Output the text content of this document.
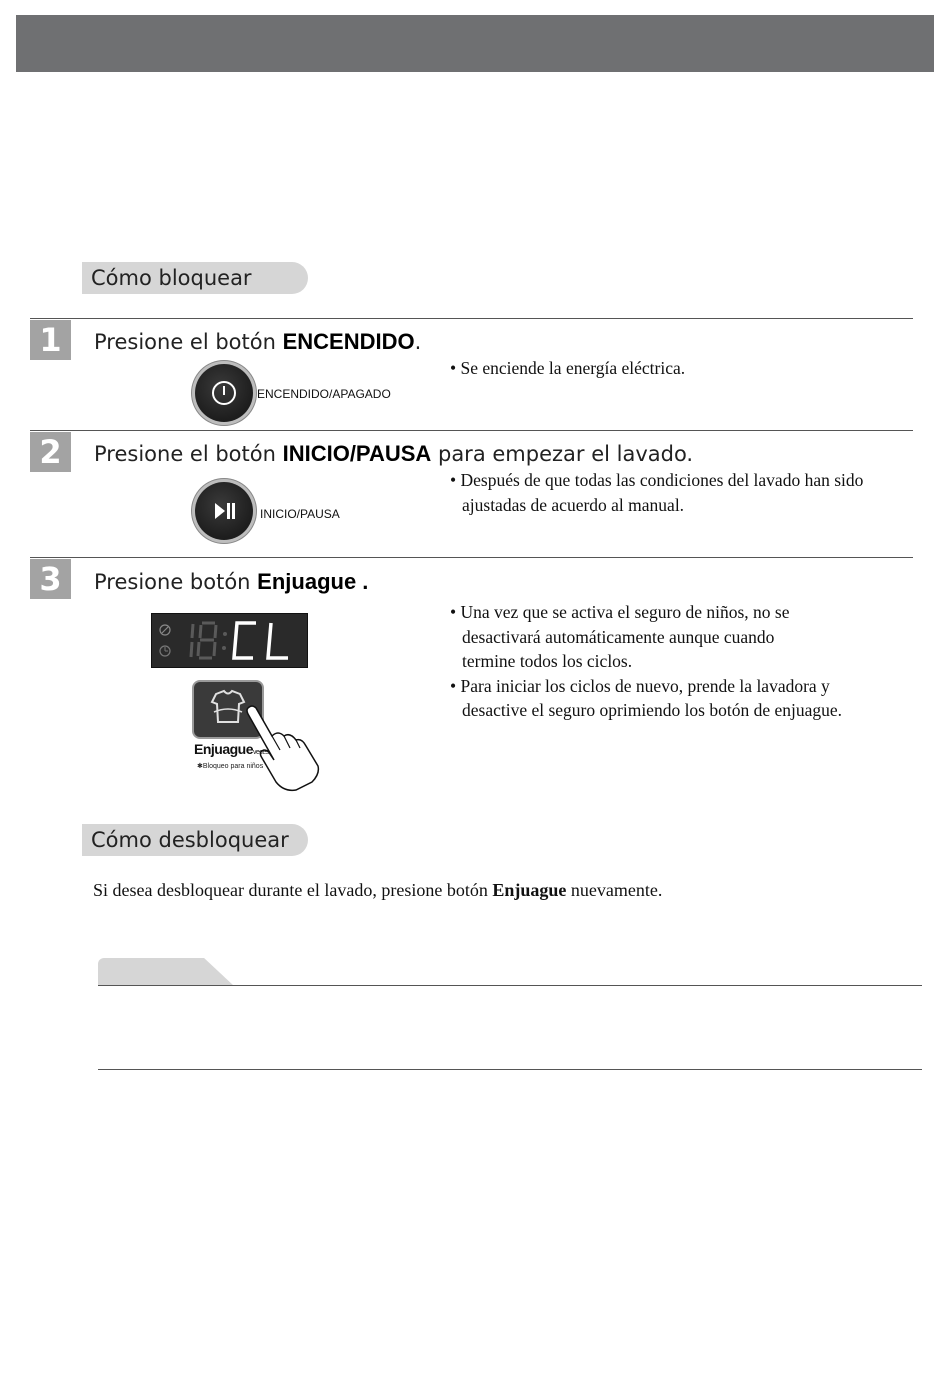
Cómo bloquear
1	Presione el botón ENCENDIDO.
ENCENDIDO/APAGADO
• Se enciende la energía eléctrica.
2	Presione el botón INICIO/PAUSA para empezar el lavado.
INICIO/PAUSA
• Después de que todas las condiciones del lavado han sido
ajustadas de acuerdo al manual.
3	Presione botón Enjuague .
Enjuagueveces
✱Bloqueo para niños
• Una vez que se activa el seguro de niños, no se
desactivará automáticamente aunque cuando
termine todos los ciclos.
• Para iniciar los ciclos de nuevo, prende la lavadora y
desactive el seguro oprimiendo los botón de enjuague.
Cómo desbloquear
Si desea desbloquear durante el lavado, presione botón Enjuague nuevamente.
